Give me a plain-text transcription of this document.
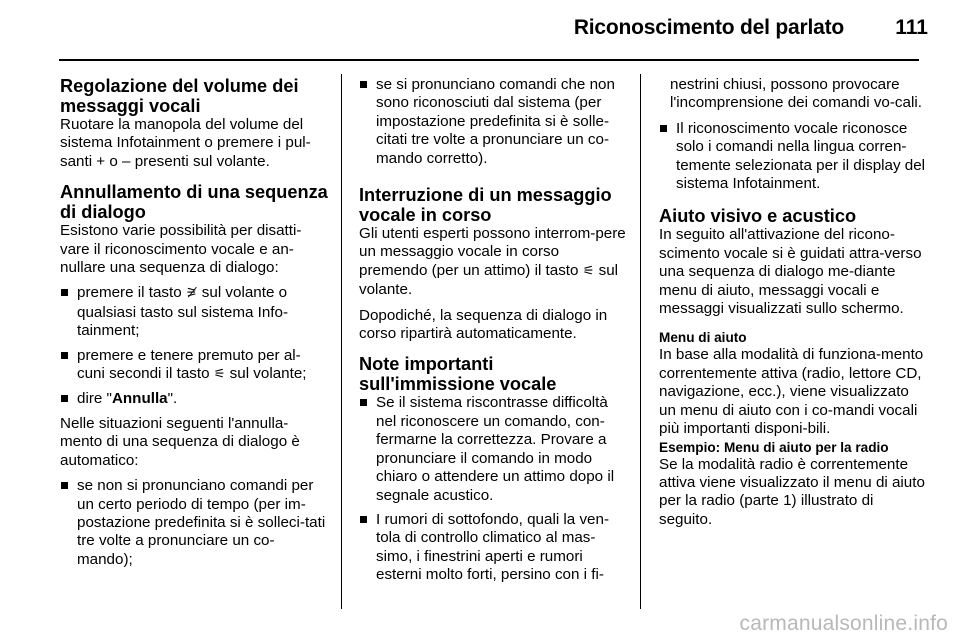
Riconoscimento del parlato 111
Regolazione del volume dei messaggi vocali

Ruotare la manopola del volume del sistema Infotainment o premere i pul-santi + o – presenti sul volante.

Annullamento di una sequenza di dialogo

Esistono varie possibilità per disatti-vare il riconoscimento vocale e an-nullare una sequenza di dialogo:

premere il tasto ⚞̸ sul volante o qualsiasi tasto sul sistema Info-tainment;
premere e tenere premuto per al-cuni secondi il tasto ⚟ sul volante;
dire "Annulla".

Nelle situazioni seguenti l'annulla-mento di una sequenza di dialogo è automatico:

se non si pronunciano comandi per un certo periodo di tempo (per im-postazione predefinita si è solleci-tati tre volte a pronunciare un co-mando);
se si pronunciano comandi che non sono riconosciuti dal sistema (per impostazione predefinita si è solle-citati tre volte a pronunciare un co-mando corretto).
Interruzione di un messaggio vocale in corso

Gli utenti esperti possono interrom-pere un messaggio vocale in corso premendo (per un attimo) il tasto ⚟ sul volante.

Dopodiché, la sequenza di dialogo in corso ripartirà automaticamente.

Note importanti sull'immissione vocale
Se il sistema riscontrasse difficoltà nel riconoscere un comando, con-fermarne la correttezza. Provare a pronunciare il comando in modo chiaro o attendere un attimo dopo il segnale acustico.
I rumori di sottofondo, quali la ven-tola di controllo climatico al mas-simo, i finestrini aperti e rumori esterni molto forti, persino con i fi-

nestrini chiusi, possono provocare l'incomprensione dei comandi vo-cali.

Il riconoscimento vocale riconosce solo i comandi nella lingua corren-temente selezionata per il display del sistema Infotainment.
Aiuto visivo e acustico

In seguito all'attivazione del ricono-scimento vocale si è guidati attra-verso una sequenza di dialogo me-diante menu di aiuto, messaggi vocali e messaggi visualizzati sullo schermo.

Menu di aiuto

In base alla modalità di funziona-mento correntemente attiva (radio, lettore CD, navigazione, ecc.), viene visualizzato un menu di aiuto con i co-mandi vocali più importanti disponi-bili.

Esempio: Menu di aiuto per la radio

Se la modalità radio è correntemente attiva viene visualizzato il menu di aiuto per la radio (parte 1) illustrato di seguito.

carmanualsonline.info
